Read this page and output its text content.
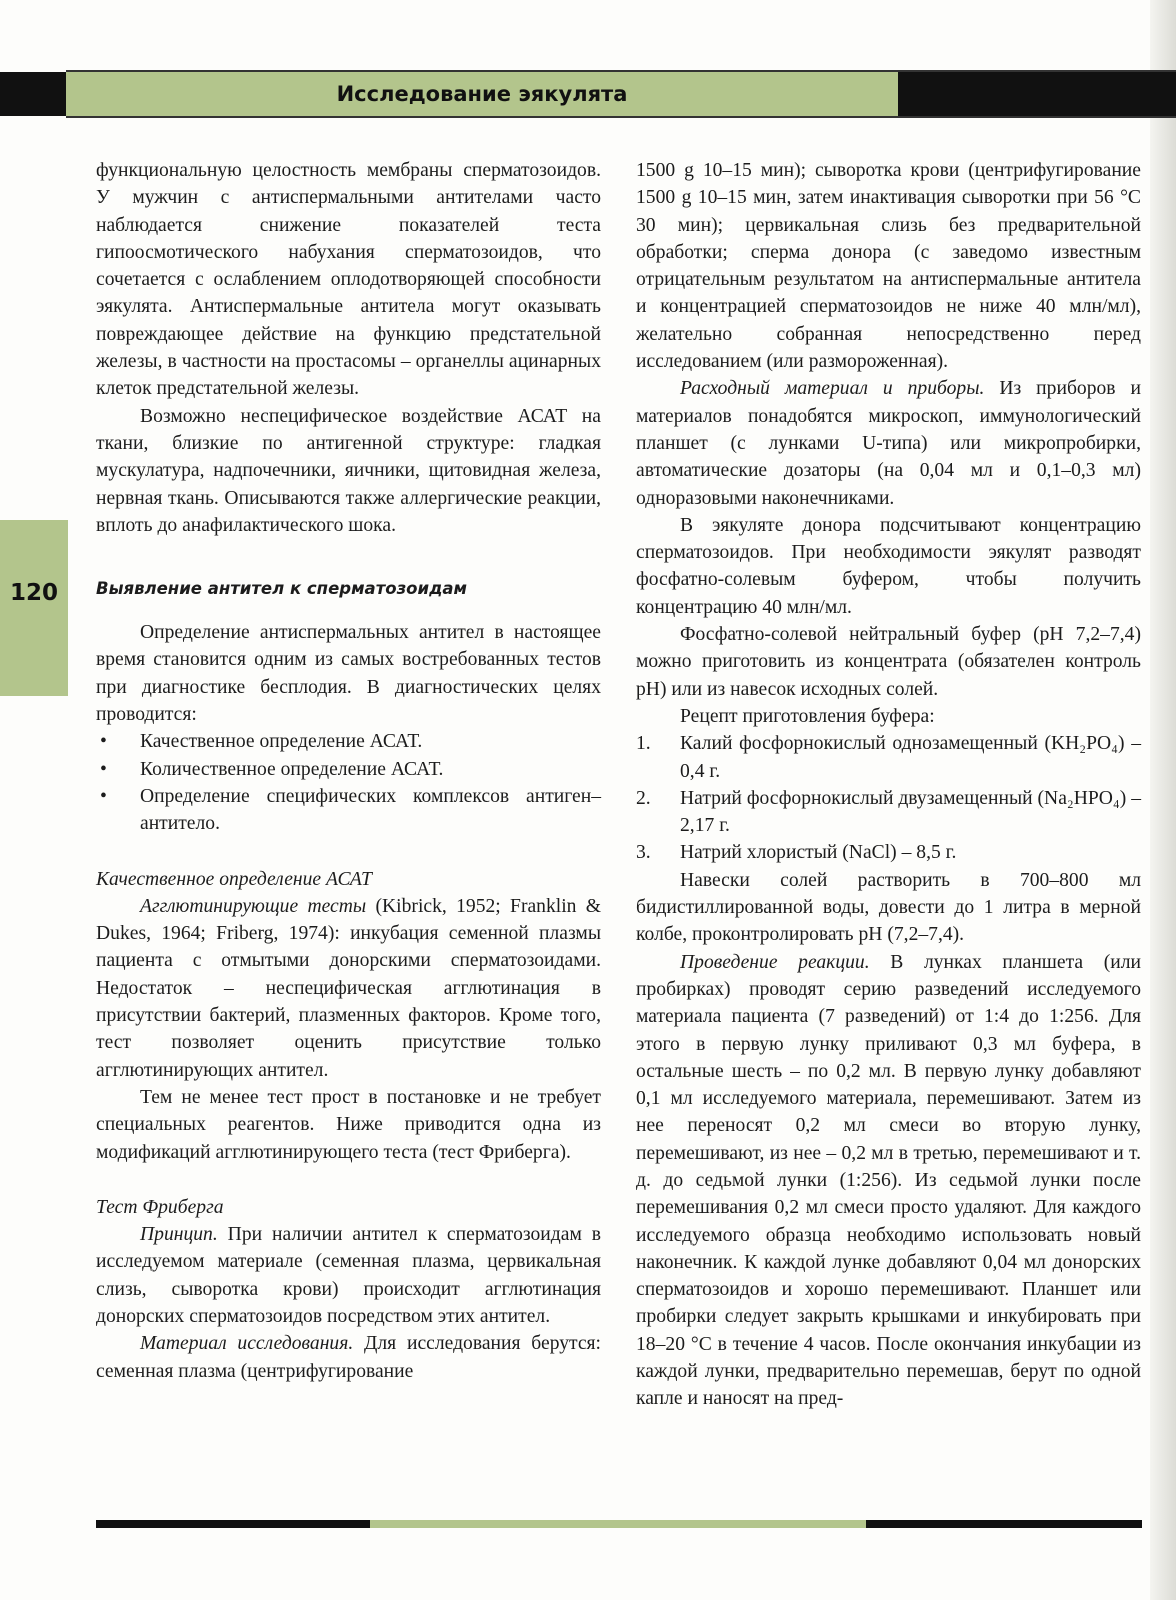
Исследование эякулята
120

функциональную целостность мембраны сперматозоидов. У мужчин с антиспермальными антителами часто наблюдается снижение показателей теста гипоосмотического набухания сперматозоидов, что сочетается с ослаблением оплодотворяющей способности эякулята. Антиспермальные антитела могут оказывать повреждающее действие на функцию предстательной железы, в частности на простасомы – органеллы ацинарных клеток предстательной железы.

Возможно неспецифическое воздействие АСАТ на ткани, близкие по антигенной структуре: гладкая мускулатура, надпочечники, яичники, щитовидная железа, нервная ткань. Описываются также аллергические реакции, вплоть до анафилактического шока.

Выявление антител к сперматозоидам

Определение антиспермальных антител в настоящее время становится одним из самых востребованных тестов при диагностике бесплодия. В диагностических целях проводится:

•	Качественное определение АСАТ.
•	Количественное определение АСАТ.
•	Определение специфических комплексов антиген–антитело.

Качественное определение АСАТ

Агглютинирующие тесты (Kibrick, 1952; Franklin & Dukes, 1964; Friberg, 1974): инкубация семенной плазмы пациента с отмытыми донорскими сперматозоидами. Недостаток – неспецифическая агглютинация в присутствии бактерий, плазменных факторов. Кроме того, тест позволяет оценить присутствие только агглютинирующих антител.

Тем не менее тест прост в постановке и не требует специальных реагентов. Ниже приводится одна из модификаций агглютинирующего теста (тест Фриберга).

Тест Фриберга

Принцип. При наличии антител к сперматозоидам в исследуемом материале (семенная плазма, цервикальная слизь, сыворотка крови) происходит агглютинация донорских сперматозоидов посредством этих антител.

Материал исследования. Для исследования берутся: семенная плазма (центрифугирование

1500 g 10–15 мин); сыворотка крови (центрифугирование 1500 g 10–15 мин, затем инактивация сыворотки при 56 °C 30 мин); цервикальная слизь без предварительной обработки; сперма донора (с заведомо известным отрицательным результатом на антиспермальные антитела и концентрацией сперматозоидов не ниже 40 млн/мл), желательно собранная непосредственно перед исследованием (или размороженная).

Расходный материал и приборы. Из приборов и материалов понадобятся микроскоп, иммунологический планшет (с лунками U-типа) или микропробирки, автоматические дозаторы (на 0,04 мл и 0,1–0,3 мл) одноразовыми наконечниками.

В эякуляте донора подсчитывают концентрацию сперматозоидов. При необходимости эякулят разводят фосфатно-солевым буфером, чтобы получить концентрацию 40 млн/мл.

Фосфатно-солевой нейтральный буфер (pH 7,2–7,4) можно приготовить из концентрата (обязателен контроль pH) или из навесок исходных солей.

Рецепт приготовления буфера:

1.	Калий фосфорнокислый однозамещенный (KH₂PO₄) – 0,4 г.
2.	Натрий фосфорнокислый двузамещенный (Na₂HPO₄) – 2,17 г.
3.	Натрий хлористый (NaCl) – 8,5 г.

Навески солей растворить в 700–800 мл бидистиллированной воды, довести до 1 литра в мерной колбе, проконтролировать pH (7,2–7,4).

Проведение реакции. В лунках планшета (или пробирках) проводят серию разведений исследуемого материала пациента (7 разведений) от 1:4 до 1:256. Для этого в первую лунку приливают 0,3 мл буфера, в остальные шесть – по 0,2 мл. В первую лунку добавляют 0,1 мл исследуемого материала, перемешивают. Затем из нее переносят 0,2 мл смеси во вторую лунку, перемешивают, из нее – 0,2 мл в третью, перемешивают и т. д. до седьмой лунки (1:256). Из седьмой лунки после перемешивания 0,2 мл смеси просто удаляют. Для каждого исследуемого образца необходимо использовать новый наконечник. К каждой лунке добавляют 0,04 мл донорских сперматозоидов и хорошо перемешивают. Планшет или пробирки следует закрыть крышками и инкубировать при 18–20 °C в течение 4 часов. После окончания инкубации из каждой лунки, предварительно перемешав, берут по одной капле и наносят на пред-
